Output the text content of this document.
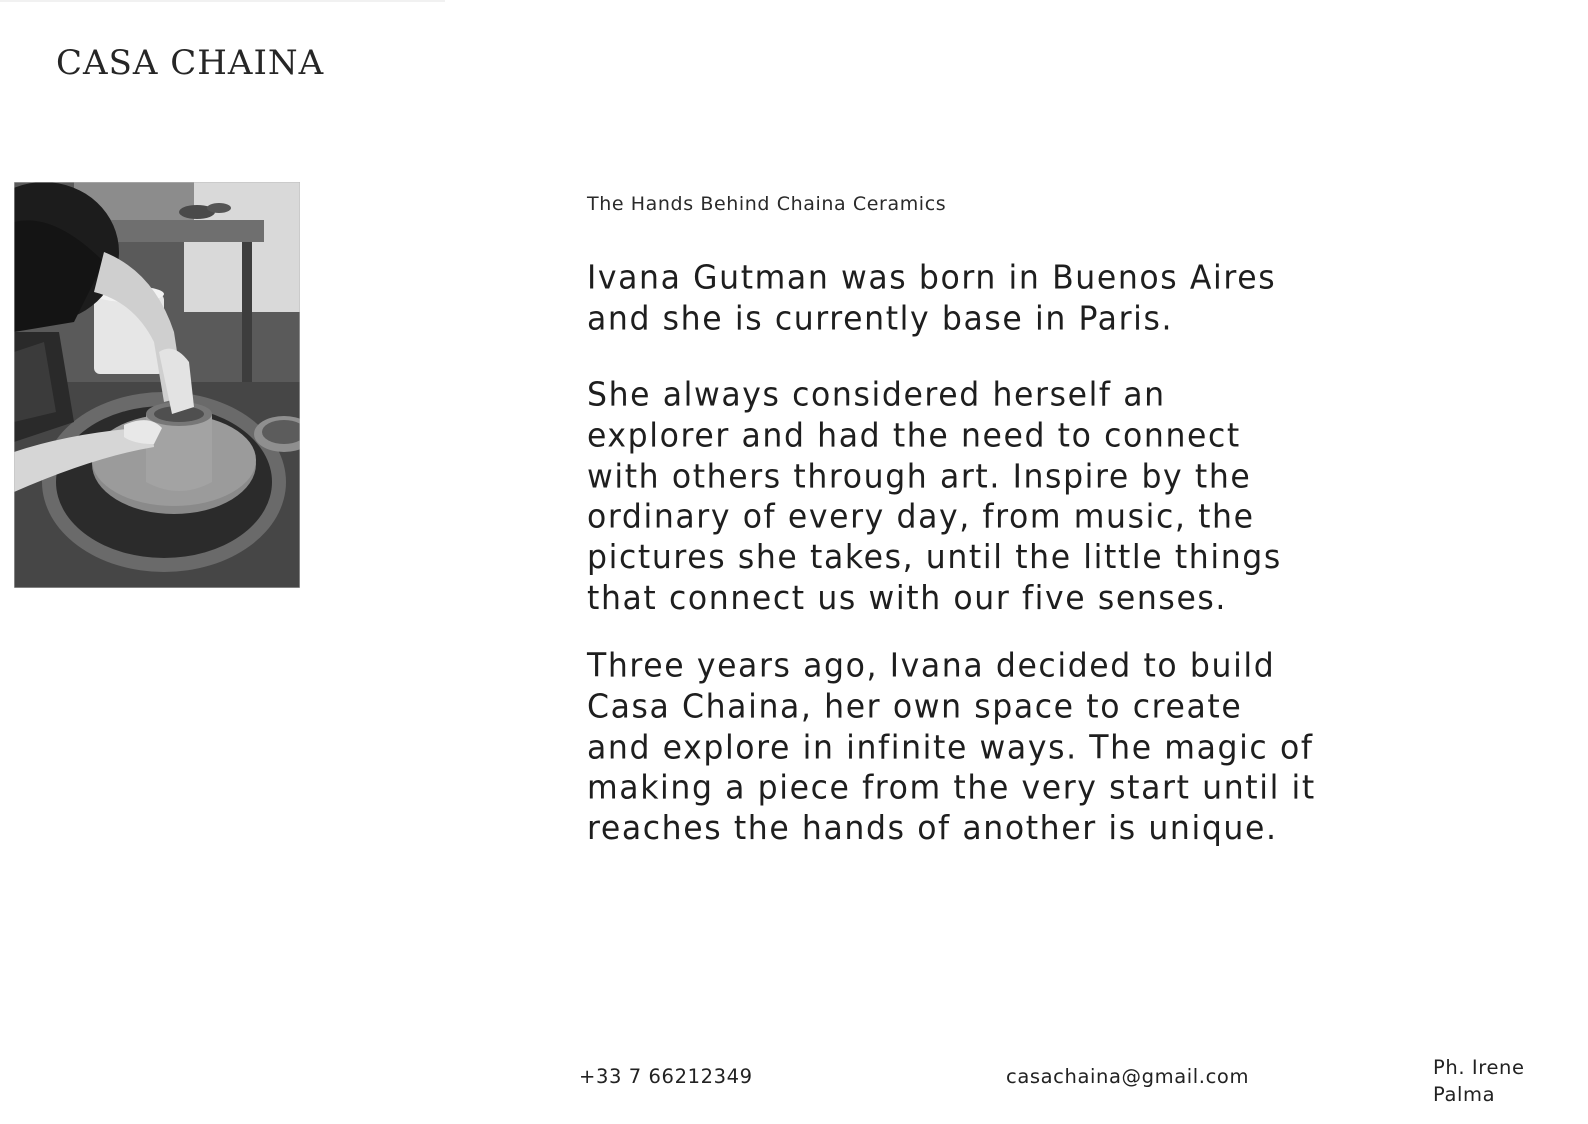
CASA CHAINA
The Hands Behind Chaina Ceramics

Ivana Gutman was born in Buenos Aires and she is currently base in Paris.

She always considered herself an explorer and had the need to connect with others through art. Inspire by the ordinary of every day, from music, the pictures she takes, until the little things that connect us with our five senses.

Three years ago, Ivana decided to build Casa Chaina, her own space to create and explore in infinite ways. The magic of making a piece from the very start until it reaches the hands of another is unique.

+33 7 66212349	casachaina@gmail.com	Ph. Irene Palma
